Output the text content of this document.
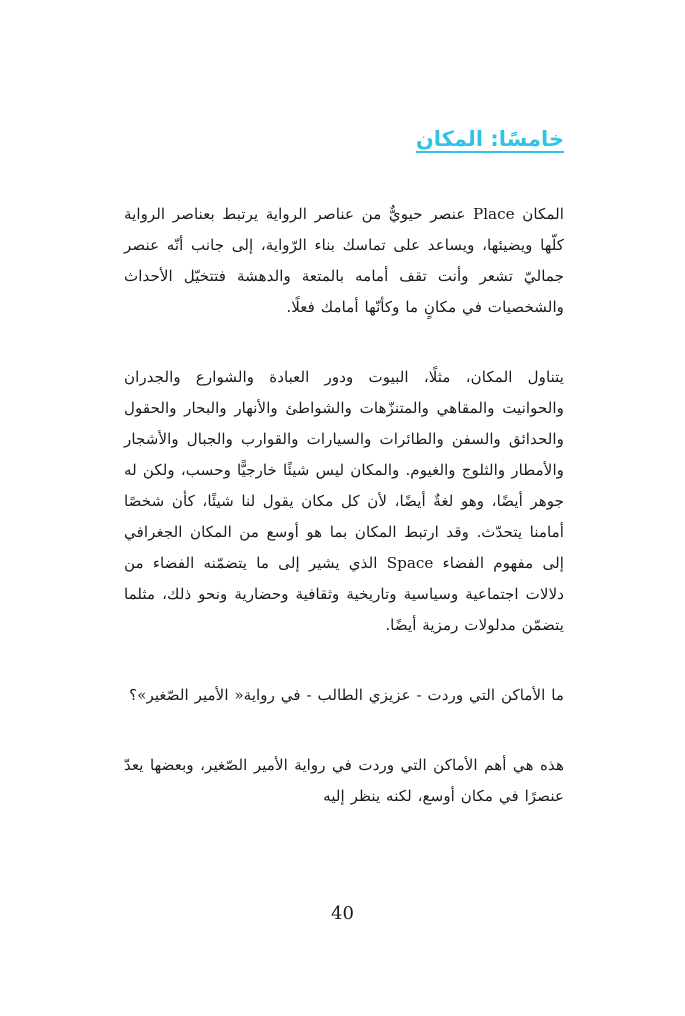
خامسًا: المكان

المكان Place عنصر حيويٌّ من عناصر الرواية يرتبط بعناصر الرواية كلّها ويضيئها، ويساعد على تماسك بناء الرّواية، إلى جانب أنّه عنصر جماليّ تشعر وأنت تقف أمامه بالمتعة والدهشة فتتخيّل الأحداث والشخصيات في مكانٍ ما وكأنّها أمامك فعلًا.

يتناول المكان، مثلًا، البيوت ودور العبادة والشوارع والجدران والحوانيت والمقاهي والمتنزّهات والشواطئ والأنهار والبحار والحقول والحدائق والسفن والطائرات والسيارات والقوارب والجبال والأشجار والأمطار والثلوج والغيوم. والمكان ليس شيئًا خارجيًّا وحسب، ولكن له جوهر أيضًا، وهو لغةٌ أيضًا، لأن كل مكان يقول لنا شيئًا، كأن شخصًا أمامنا يتحدّث. وقد ارتبط المكان بما هو أوسع من المكان الجغرافي إلى مفهوم الفضاء Space الذي يشير إلى ما يتضمّنه الفضاء من دلالات اجتماعية وسياسية وتاريخية وثقافية وحضارية ونحو ذلك، مثلما يتضمّن مدلولات رمزية أيضًا.

ما الأماكن التي وردت - عزيزي الطالب - في رواية« الأمير الصّغير»؟

هذه هي أهم الأماكن التي وردت في رواية الأمير الصّغير، وبعضها يعدّ عنصرًا في مكان أوسع، لكنه ينظر إليه

40
